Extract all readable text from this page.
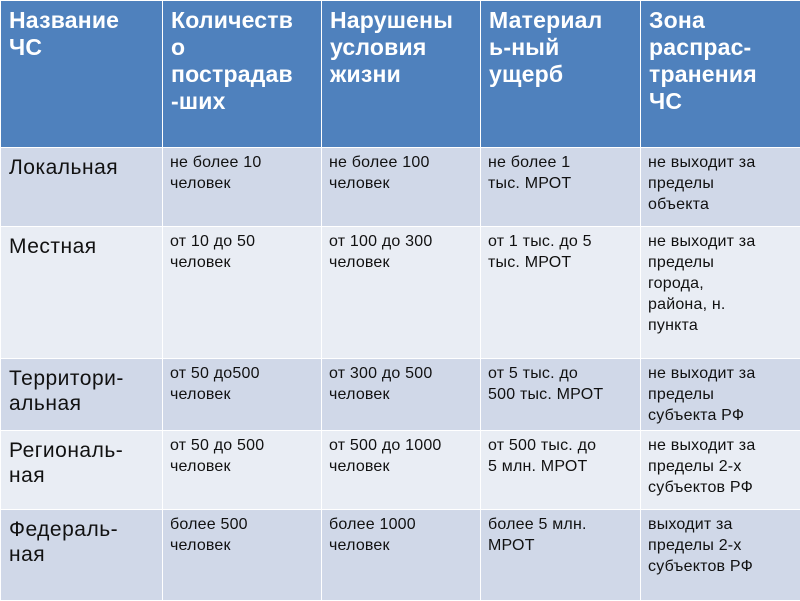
Название ЧС	Количеств
о
пострадав
-ших	Нарушены
условия
жизни	Материал
ь-ный
ущерб	Зона
распрас-
транения
ЧС

Локальная	не более 10
человек	не более 100
человек	не более 1
тыс. МРОТ	не выходит за
пределы
объекта

Местная	от 10 до 50
человек	от 100 до 300
человек	от 1 тыс. до 5
тыс. МРОТ	не выходит за
пределы
города,
района, н.
пункта

Территори-
альная	от 50 до500
человек	от 300 до 500
человек	от 5 тыс. до
500 тыс. МРОТ	не выходит за
пределы
субъекта РФ

Региональ-
ная	от 50 до 500
человек	от 500 до 1000
человек	от 500 тыс. до
5 млн. МРОТ	не выходит за
пределы 2-х
субъектов РФ

Федераль-
ная	более 500
человек	более 1000
человек	более 5 млн.
МРОТ	выходит за
пределы 2-х
субъектов РФ
